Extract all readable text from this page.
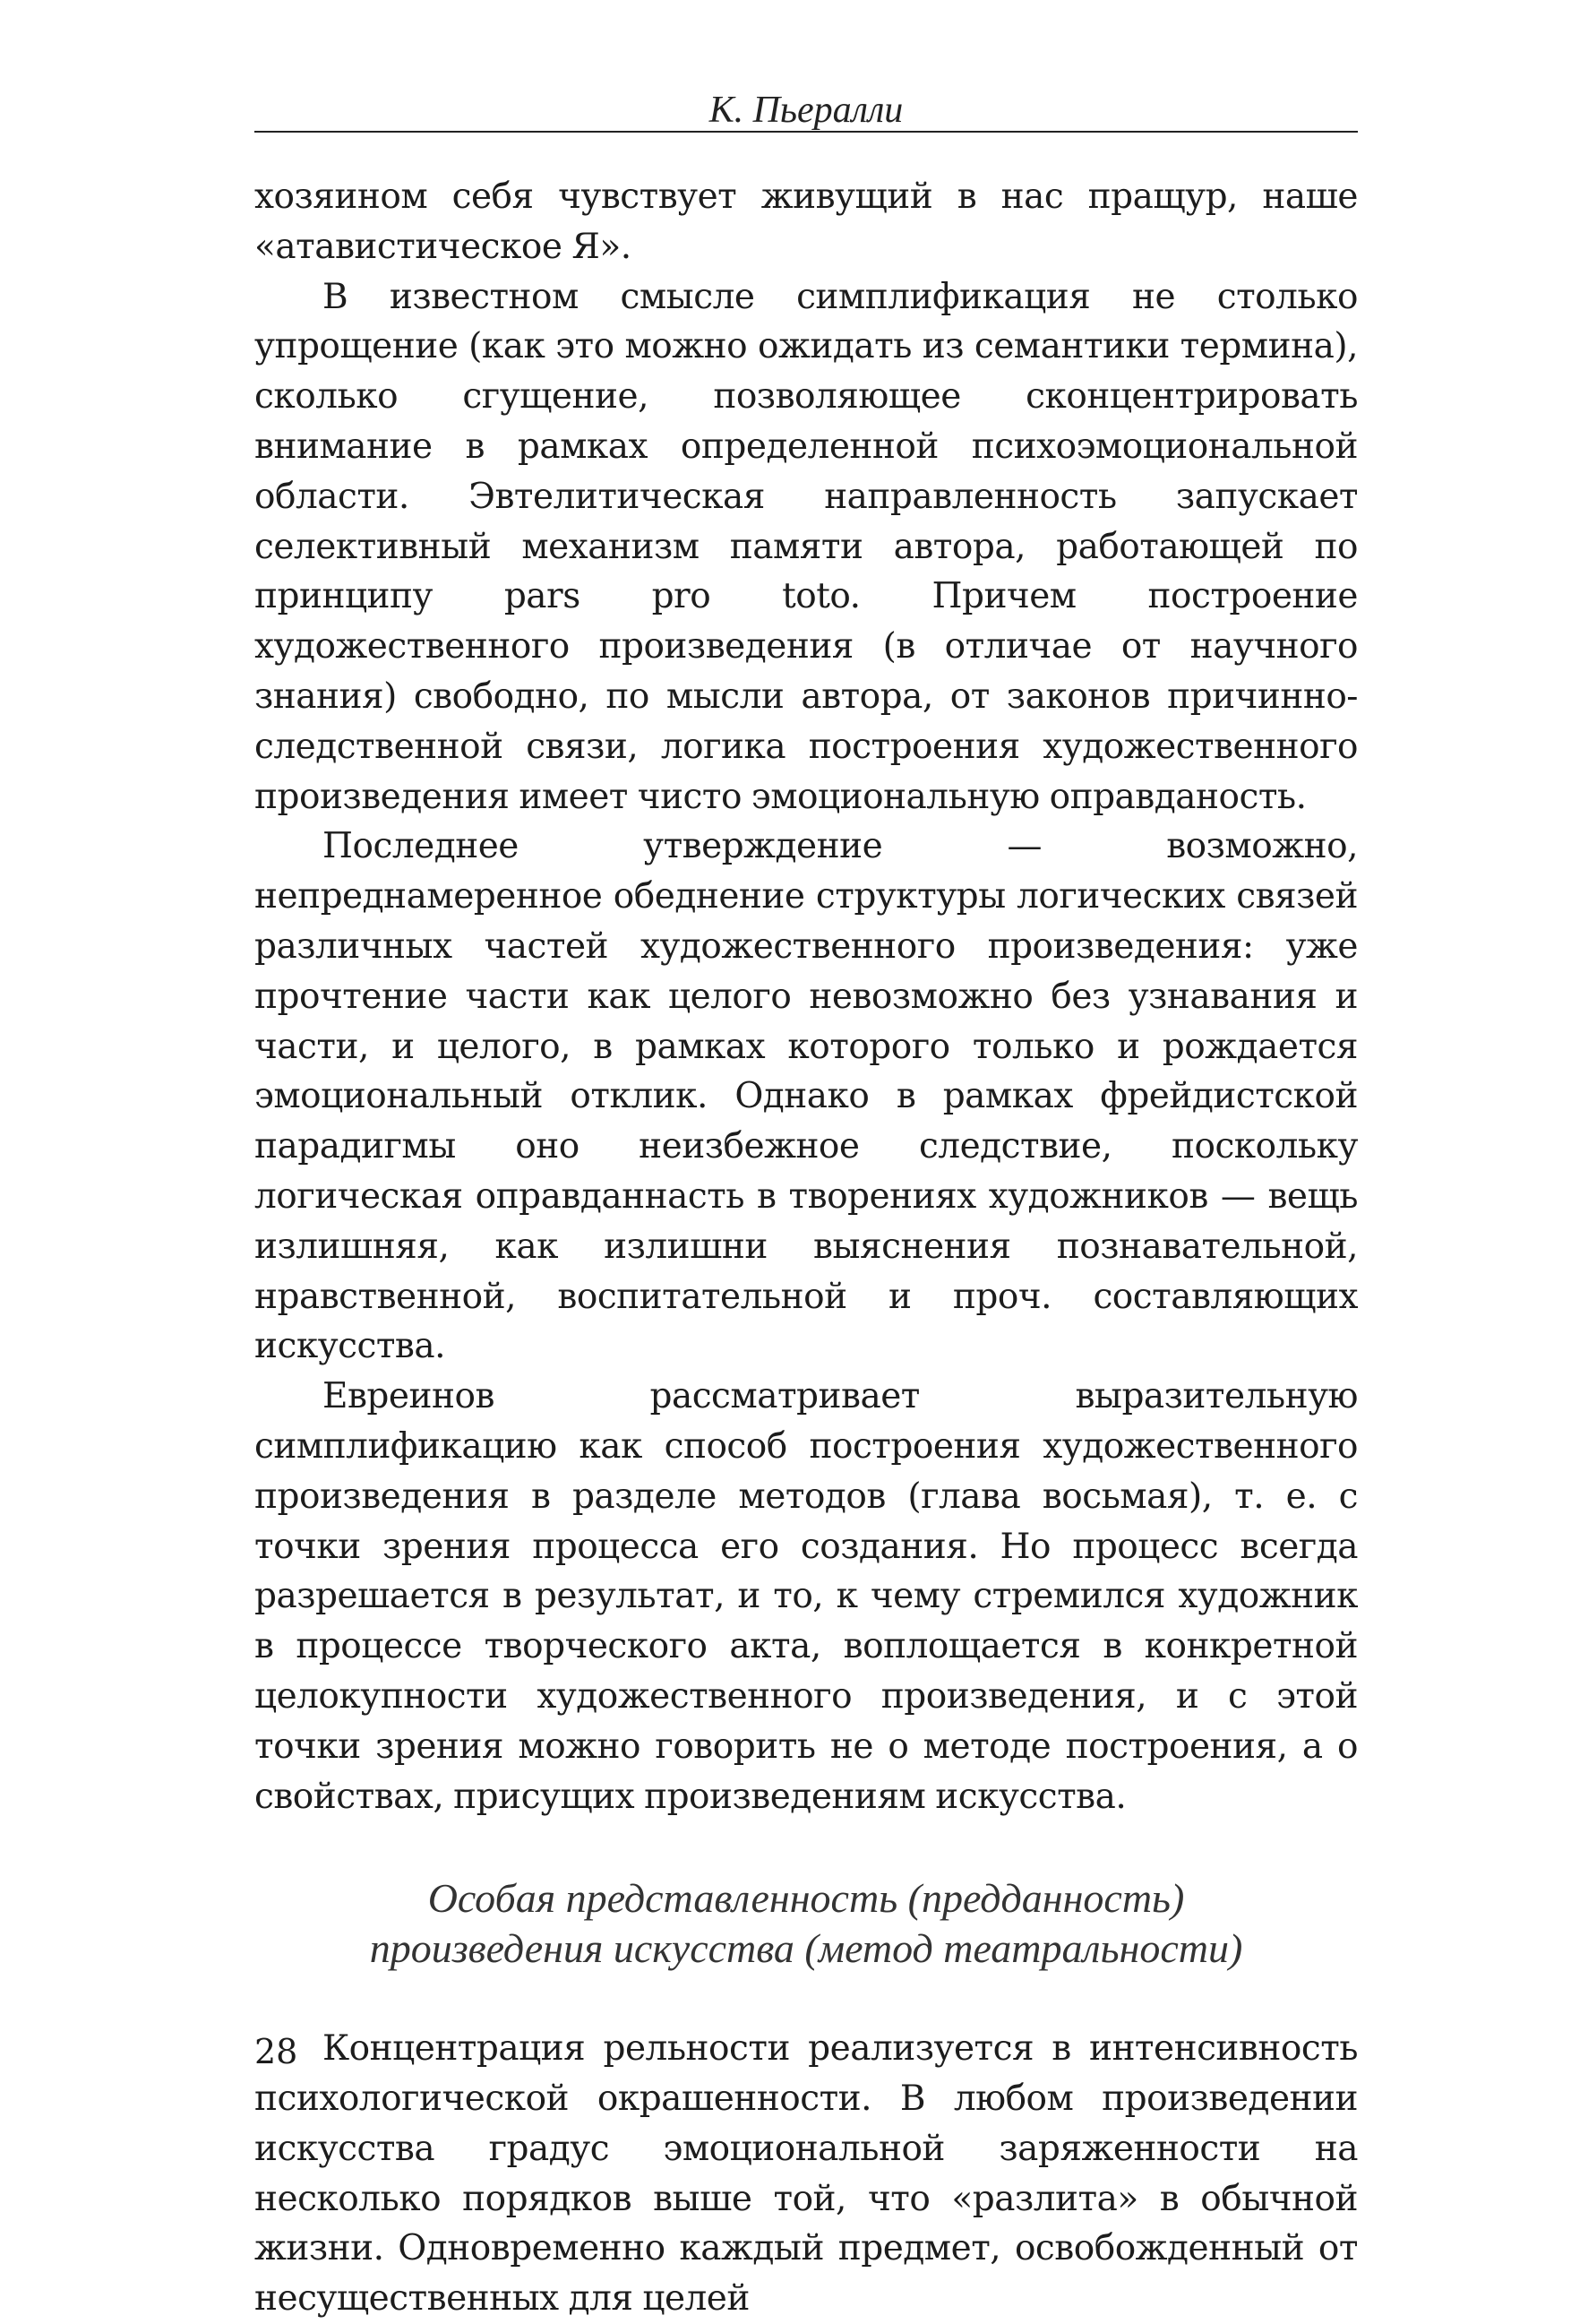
К. Пьералли

хозяином себя чувствует живущий в нас пращур, наше «атавистическое Я».

В известном смысле симплификация не столько упрощение (как это можно ожидать из семантики термина), сколько сгущение, позволяющее сконцентрировать внимание в рамках определенной психоэмоциональной области. Эвтелитическая направленность запускает селективный механизм памяти автора, работающей по принципу pars pro toto. Причем построение художественного произведения (в отличае от научного знания) свободно, по мысли автора, от законов причинно-следственной связи, логика построения художественного произведения имеет чисто эмоциональную оправданость.

Последнее утверждение — возможно, непреднамеренное обеднение структуры логических связей различных частей художественного произведения: уже прочтение части как целого невозможно без узнавания и части, и целого, в рамках которого только и рождается эмоциональный отклик. Однако в рамках фрейдистской парадигмы оно неизбежное следствие, поскольку логическая оправданнасть в творениях художников — вещь излишняя, как излишни выяснения познавательной, нравственной, воспитательной и проч. составляющих искусства.

Евреинов рассматривает выразительную симплификацию как способ построения художественного произведения в разделе методов (глава восьмая), т. е. с точки зрения процесса его создания. Но процесс всегда разрешается в результат, и то, к чему стремился художник в процессе творческого акта, воплощается в конкретной целокупности художественного произведения, и с этой точки зрения можно говорить не о методе построения, а о свойствах, присущих произведениям искусства.

Особая представленность (предданность)
произведения искусства (метод театральности)

Концентрация рельности реализуется в интенсивность психологической окрашенности. В любом произведении искусства градус эмоциональной заряженности на несколько порядков выше той, что «разлита» в обычной жизни. Одновременно каждый предмет, освобожденный от несущественных для целей

28
